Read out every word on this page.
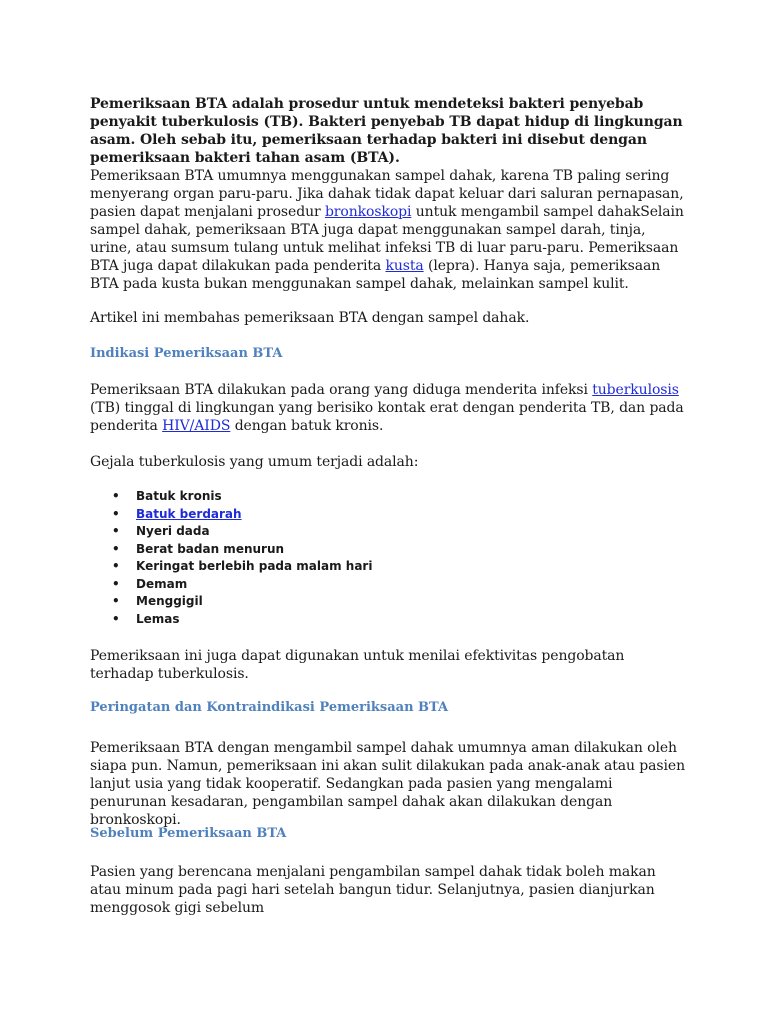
Pemeriksaan BTA adalah prosedur untuk mendeteksi bakteri penyebab penyakit tuberkulosis (TB). Bakteri penyebab TB dapat hidup di lingkungan asam. Oleh sebab itu, pemeriksaan terhadap bakteri ini disebut dengan pemeriksaan bakteri tahan asam (BTA).

Pemeriksaan BTA umumnya menggunakan sampel dahak, karena TB paling sering menyerang organ paru-paru. Jika dahak tidak dapat keluar dari saluran pernapasan, pasien dapat menjalani prosedur bronkoskopi untuk mengambil sampel dahakSelain sampel dahak, pemeriksaan BTA juga dapat menggunakan sampel darah, tinja, urine, atau sumsum tulang untuk melihat infeksi TB di luar paru-paru. Pemeriksaan BTA juga dapat dilakukan pada penderita kusta (lepra). Hanya saja, pemeriksaan BTA pada kusta bukan menggunakan sampel dahak, melainkan sampel kulit.

Artikel ini membahas pemeriksaan BTA dengan sampel dahak.

Indikasi Pemeriksaan BTA

Pemeriksaan BTA dilakukan pada orang yang diduga menderita infeksi tuberkulosis (TB) tinggal di lingkungan yang berisiko kontak erat dengan penderita TB, dan pada penderita HIV/AIDS dengan batuk kronis.

Gejala tuberkulosis yang umum terjadi adalah:

• Batuk kronis
• Batuk berdarah
• Nyeri dada
• Berat badan menurun
• Keringat berlebih pada malam hari
• Demam
• Menggigil
• Lemas

Pemeriksaan ini juga dapat digunakan untuk menilai efektivitas pengobatan terhadap tuberkulosis.

Peringatan dan Kontraindikasi Pemeriksaan BTA

Pemeriksaan BTA dengan mengambil sampel dahak umumnya aman dilakukan oleh siapa pun. Namun, pemeriksaan ini akan sulit dilakukan pada anak-anak atau pasien lanjut usia yang tidak kooperatif. Sedangkan pada pasien yang mengalami penurunan kesadaran, pengambilan sampel dahak akan dilakukan dengan bronkoskopi.

Sebelum Pemeriksaan BTA

Pasien yang berencana menjalani pengambilan sampel dahak tidak boleh makan atau minum pada pagi hari setelah bangun tidur. Selanjutnya, pasien dianjurkan menggosok gigi sebelum
